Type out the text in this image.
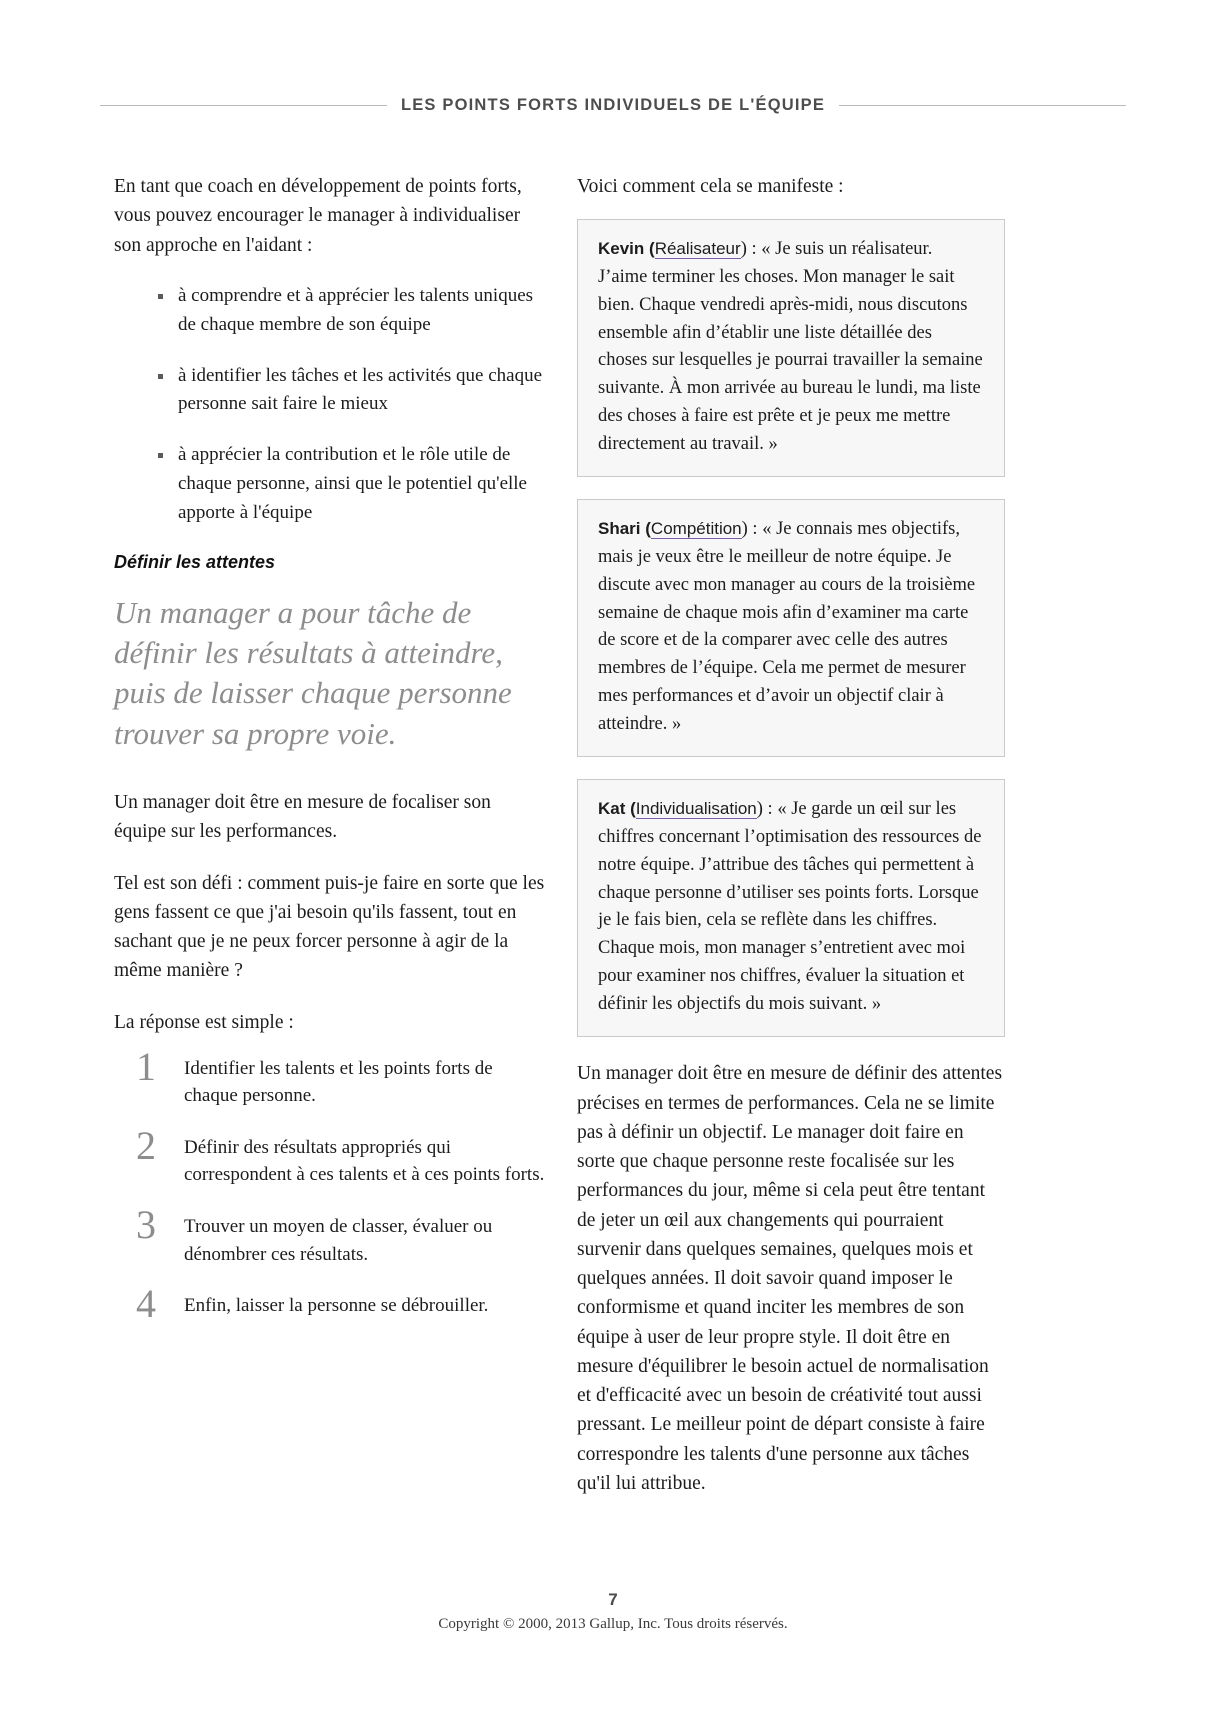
LES POINTS FORTS INDIVIDUELS DE L'ÉQUIPE

En tant que coach en développement de points forts, vous pouvez encourager le manager à individualiser son approche en l'aidant :

à comprendre et à apprécier les talents uniques de chaque membre de son équipe
à identifier les tâches et les activités que chaque personne sait faire le mieux
à apprécier la contribution et le rôle utile de chaque personne, ainsi que le potentiel qu'elle apporte à l'équipe
Définir les attentes
Un manager a pour tâche de définir les résultats à atteindre, puis de laisser chaque personne trouver sa propre voie.

Un manager doit être en mesure de focaliser son équipe sur les performances.

Tel est son défi : comment puis-je faire en sorte que les gens fassent ce que j'ai besoin qu'ils fassent, tout en sachant que je ne peux forcer personne à agir de la même manière ?

La réponse est simple :

1 Identifier les talents et les points forts de chaque personne.
2 Définir des résultats appropriés qui correspondent à ces talents et à ces points forts.
3 Trouver un moyen de classer, évaluer ou dénombrer ces résultats.
4 Enfin, laisser la personne se débrouiller.

Voici comment cela se manifeste :

Kevin (Réalisateur) : « Je suis un réalisateur. J’aime terminer les choses. Mon manager le sait bien. Chaque vendredi après-midi, nous discutons ensemble afin d’établir une liste détaillée des choses sur lesquelles je pourrai travailler la semaine suivante. À mon arrivée au bureau le lundi, ma liste des choses à faire est prête et je peux me mettre directement au travail. »
Shari (Compétition) : « Je connais mes objectifs, mais je veux être le meilleur de notre équipe. Je discute avec mon manager au cours de la troisième semaine de chaque mois afin d’examiner ma carte de score et de la comparer avec celle des autres membres de l’équipe. Cela me permet de mesurer mes performances et d’avoir un objectif clair à atteindre. »
Kat (Individualisation) : « Je garde un œil sur les chiffres concernant l’optimisation des ressources de notre équipe. J’attribue des tâches qui permettent à chaque personne d’utiliser ses points forts. Lorsque je le fais bien, cela se reflète dans les chiffres. Chaque mois, mon manager s’entretient avec moi pour examiner nos chiffres, évaluer la situation et définir les objectifs du mois suivant. »

Un manager doit être en mesure de définir des attentes précises en termes de performances. Cela ne se limite pas à définir un objectif. Le manager doit faire en sorte que chaque personne reste focalisée sur les performances du jour, même si cela peut être tentant de jeter un œil aux changements qui pourraient survenir dans quelques semaines, quelques mois et quelques années. Il doit savoir quand imposer le conformisme et quand inciter les membres de son équipe à user de leur propre style. Il doit être en mesure d'équilibrer le besoin actuel de normalisation et d'efficacité avec un besoin de créativité tout aussi pressant. Le meilleur point de départ consiste à faire correspondre les talents d'une personne aux tâches qu'il lui attribue.

7
Copyright © 2000, 2013 Gallup, Inc. Tous droits réservés.
